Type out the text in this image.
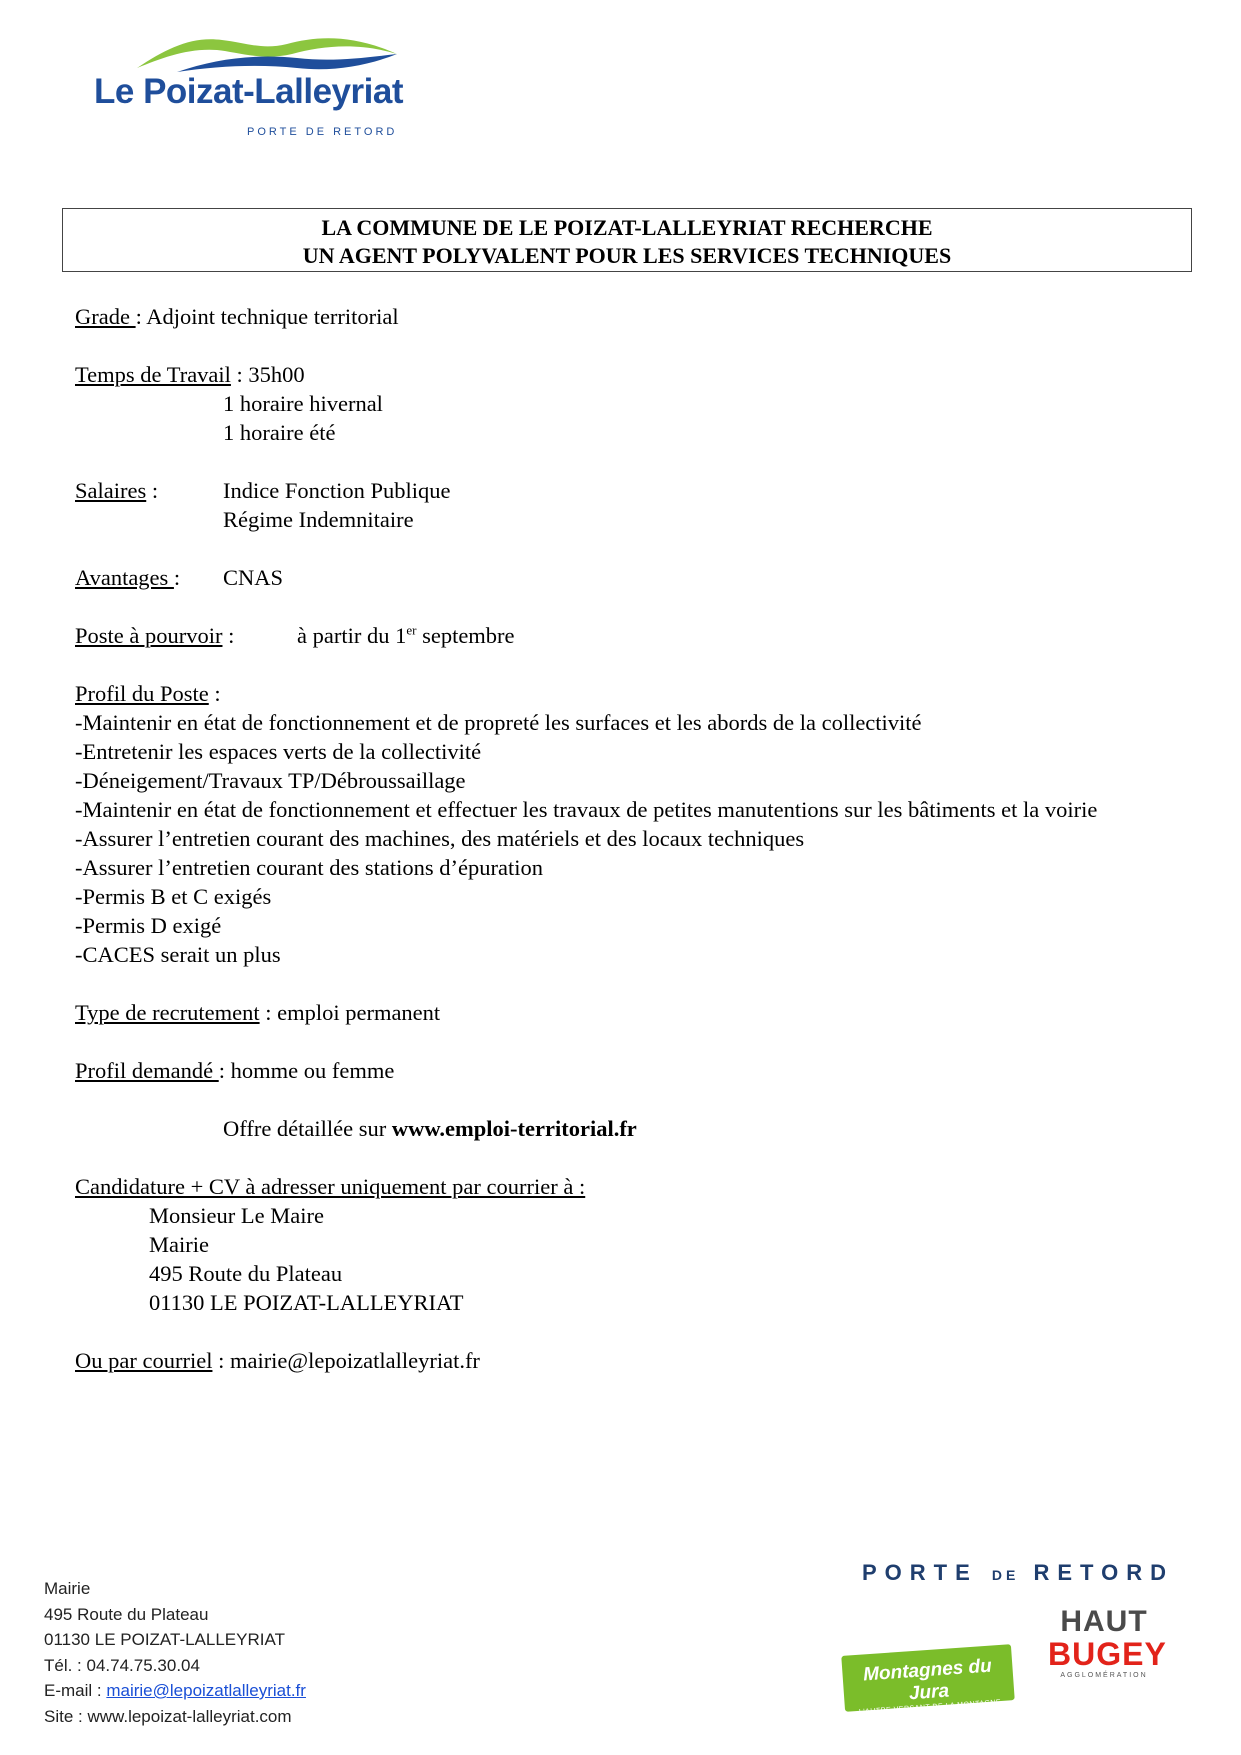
Le Poizat-Lalleyriat
PORTE DE RETORD
LA COMMUNE DE LE POIZAT-LALLEYRIAT RECHERCHE
UN AGENT POLYVALENT POUR LES SERVICES TECHNIQUES
Grade : Adjoint technique territorial
Temps de Travail : 35h00
1 horaire hivernal
1 horaire été
Salaires :	Indice Fonction Publique
Régime Indemnitaire
Avantages : CNAS
Poste à pourvoir :	à partir du 1er septembre
Profil du Poste :
-Maintenir en état de fonctionnement et de propreté les surfaces et les abords de la collectivité
-Entretenir les espaces verts de la collectivité
-Déneigement/Travaux TP/Débroussaillage
-Maintenir en état de fonctionnement et effectuer les travaux de petites manutentions sur les bâtiments et la voirie
-Assurer l’entretien courant des machines, des matériels et des locaux techniques
-Assurer l’entretien courant des stations d’épuration
-Permis B et C exigés
-Permis D exigé
-CACES serait un plus
Type de recrutement : emploi permanent
Profil demandé : homme ou femme
Offre détaillée sur www.emploi-territorial.fr
Candidature + CV à adresser uniquement par courrier à :
Monsieur Le Maire
Mairie
495 Route du Plateau
01130 LE POIZAT-LALLEYRIAT
Ou par courriel : mairie@lepoizatlalleyriat.fr
Mairie
495 Route du Plateau
01130 LE POIZAT-LALLEYRIAT
Tél. : 04.74.75.30.04
E-mail : mairie@lepoizatlalleyriat.fr
Site : www.lepoizat-lalleyriat.com
PORTE DE RETORD
Montagnes du Jura
L'AUTRE VERSANT DE LA MONTAGNE
HAUT
BUGEY
AGGLOMÉRATION
